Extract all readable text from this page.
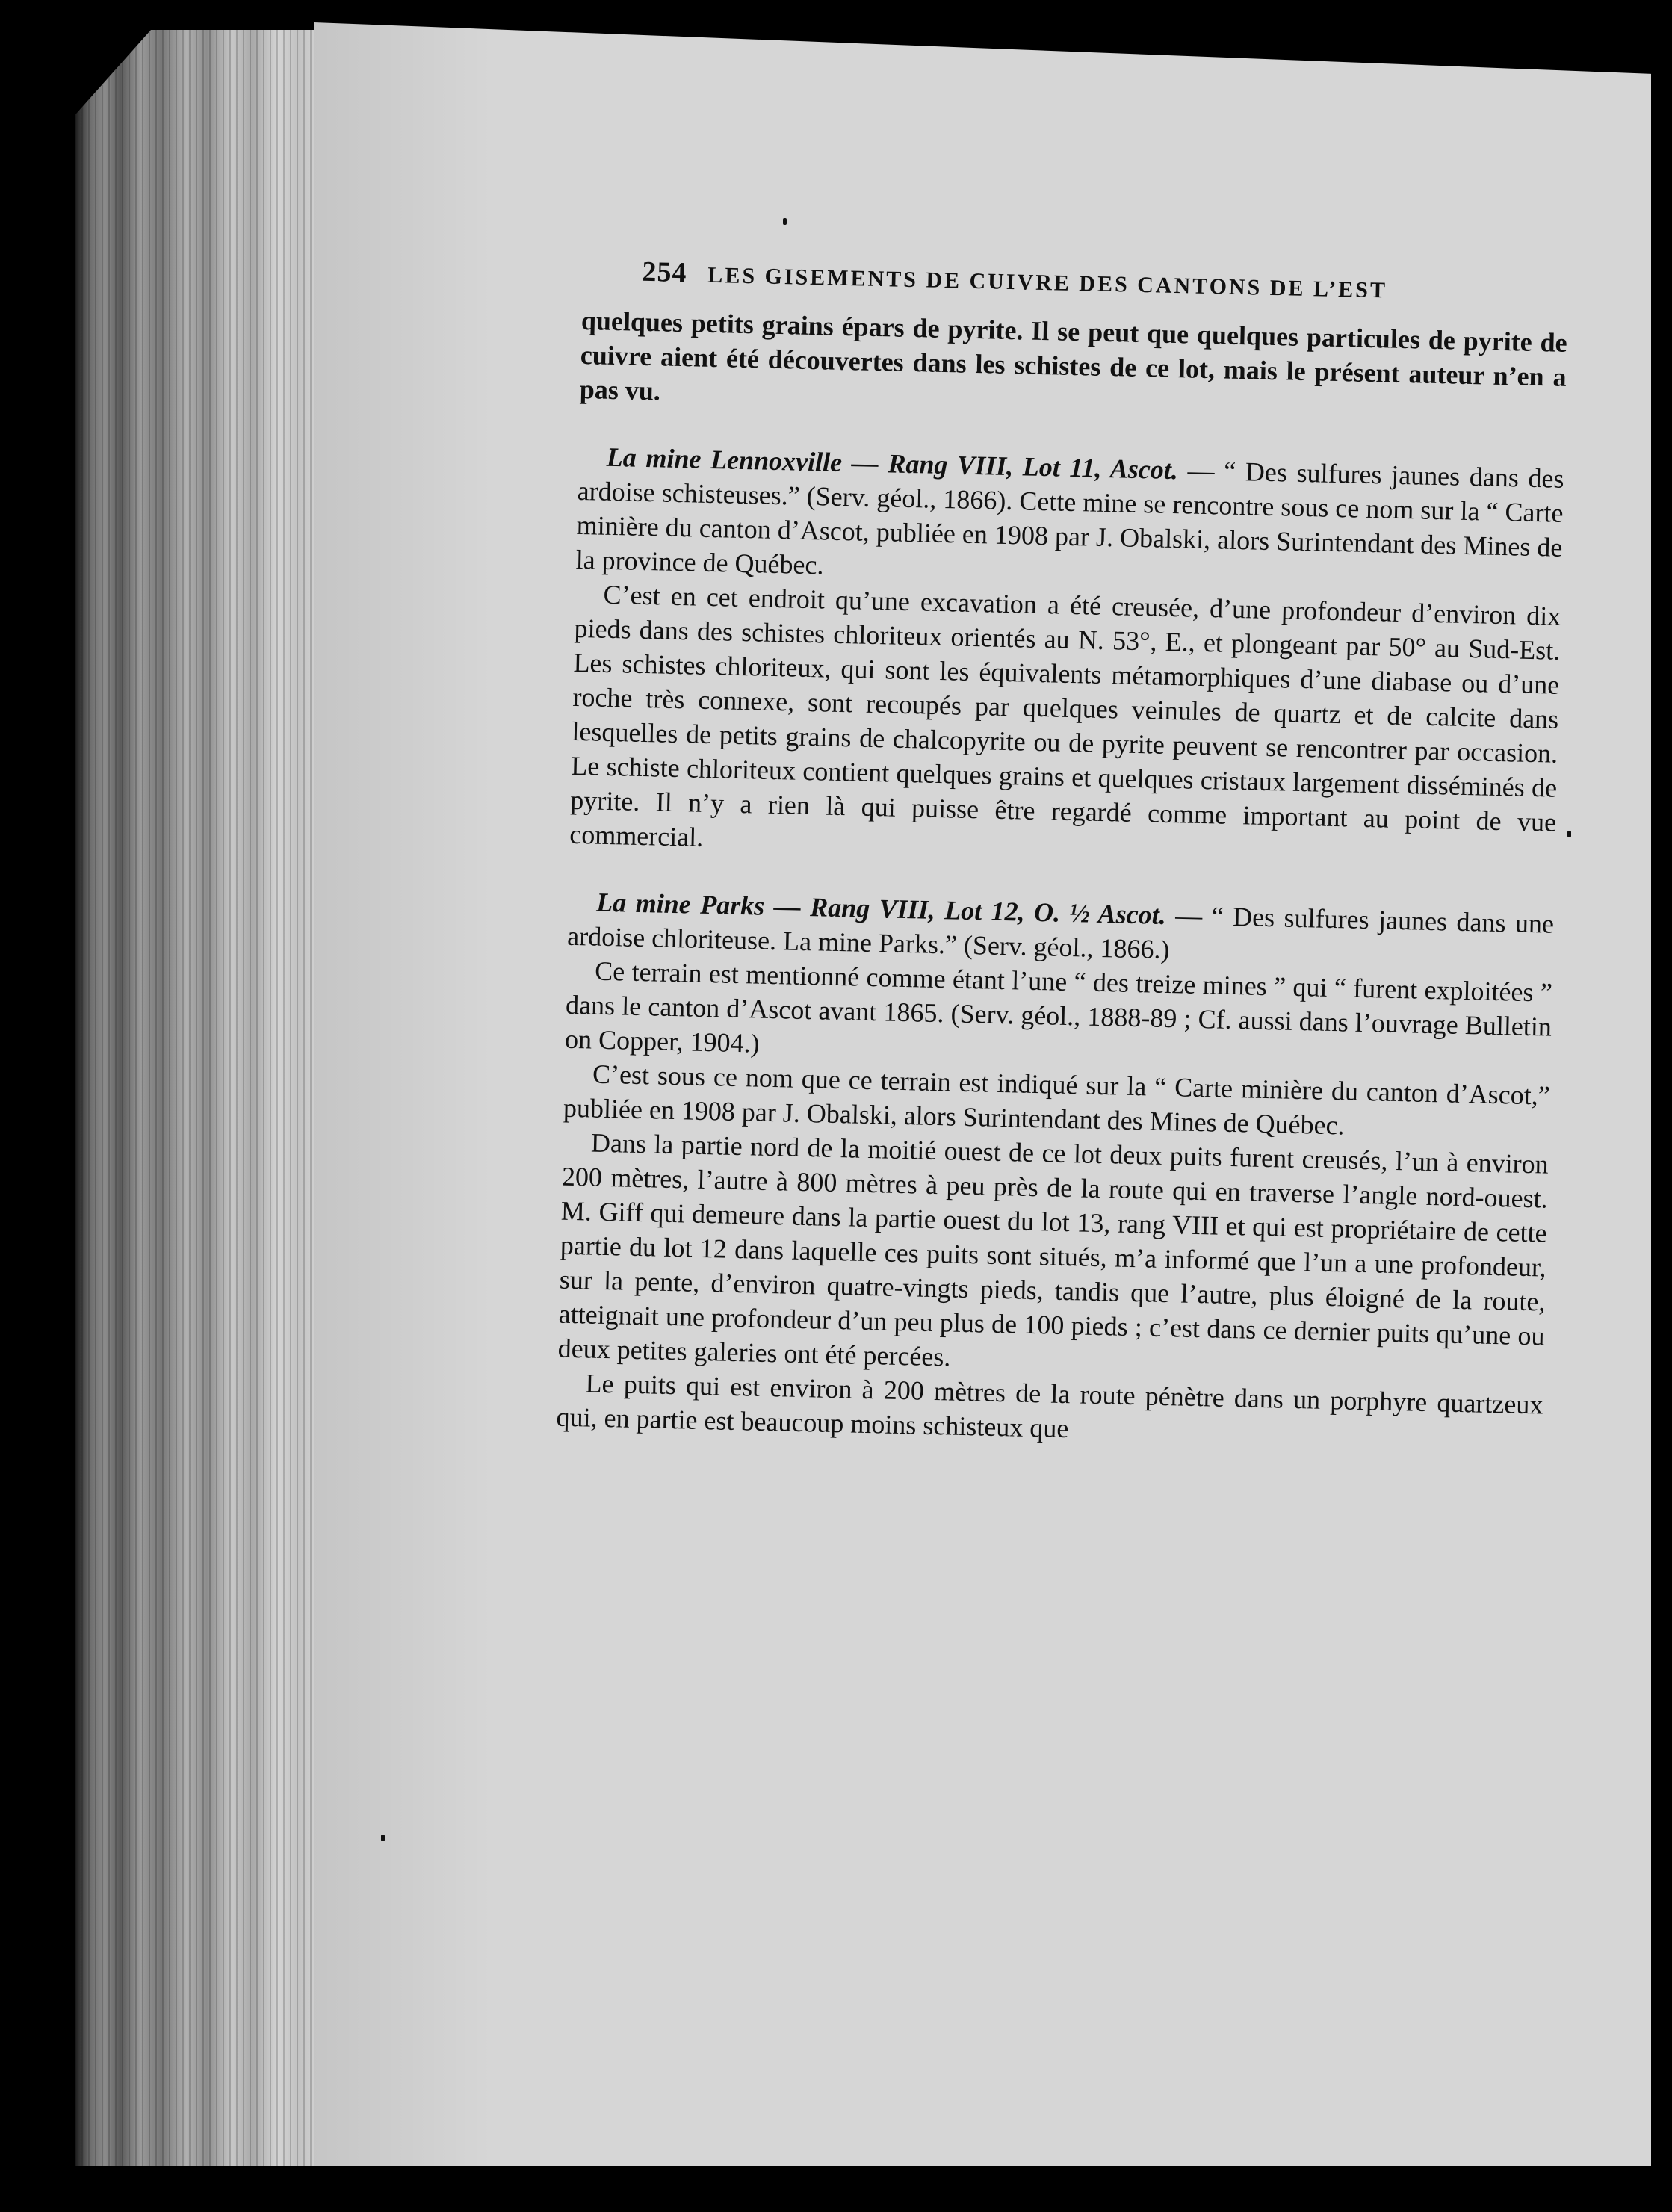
254 LES GISEMENTS DE CUIVRE DES CANTONS DE L’EST

quelques petits grains épars de pyrite. Il se peut que quelques particules de pyrite de cuivre aient été découvertes dans les schistes de ce lot, mais le présent auteur n’en a pas vu.

La mine Lennoxville — Rang VIII, Lot 11, Ascot. — “ Des sulfures jaunes dans des ardoise schisteuses.” (Serv. géol., 1866). Cette mine se rencontre sous ce nom sur la “ Carte minière du canton d’Ascot, publiée en 1908 par J. Obalski, alors Surintendant des Mines de la province de Québec.

C’est en cet endroit qu’une excavation a été creusée, d’une profondeur d’environ dix pieds dans des schistes chloriteux orientés au N. 53°, E., et plongeant par 50° au Sud-Est. Les schistes chloriteux, qui sont les équivalents métamorphiques d’une diabase ou d’une roche très connexe, sont recoupés par quelques veinules de quartz et de calcite dans lesquelles de petits grains de chalcopyrite ou de pyrite peuvent se rencontrer par occasion. Le schiste chloriteux contient quelques grains et quelques cristaux largement disséminés de pyrite. Il n’y a rien là qui puisse être regardé comme important au point de vue commercial.

La mine Parks — Rang VIII, Lot 12, O. ½ Ascot. — “ Des sulfures jaunes dans une ardoise chloriteuse. La mine Parks.” (Serv. géol., 1866.)

Ce terrain est mentionné comme étant l’une “ des treize mines ” qui “ furent exploitées ” dans le canton d’Ascot avant 1865. (Serv. géol., 1888-89 ; Cf. aussi dans l’ouvrage Bulletin on Copper, 1904.)

C’est sous ce nom que ce terrain est indiqué sur la “ Carte minière du canton d’Ascot,” publiée en 1908 par J. Obalski, alors Surintendant des Mines de Québec.

Dans la partie nord de la moitié ouest de ce lot deux puits furent creusés, l’un à environ 200 mètres, l’autre à 800 mètres à peu près de la route qui en traverse l’angle nord-ouest. M. Giff qui demeure dans la partie ouest du lot 13, rang VIII et qui est propriétaire de cette partie du lot 12 dans laquelle ces puits sont situés, m’a informé que l’un a une profondeur, sur la pente, d’environ quatre-vingts pieds, tandis que l’autre, plus éloigné de la route, atteignait une profondeur d’un peu plus de 100 pieds ; c’est dans ce dernier puits qu’une ou deux petites galeries ont été percées.

Le puits qui est environ à 200 mètres de la route pénètre dans un porphyre quartzeux qui, en partie est beaucoup moins schisteux que
